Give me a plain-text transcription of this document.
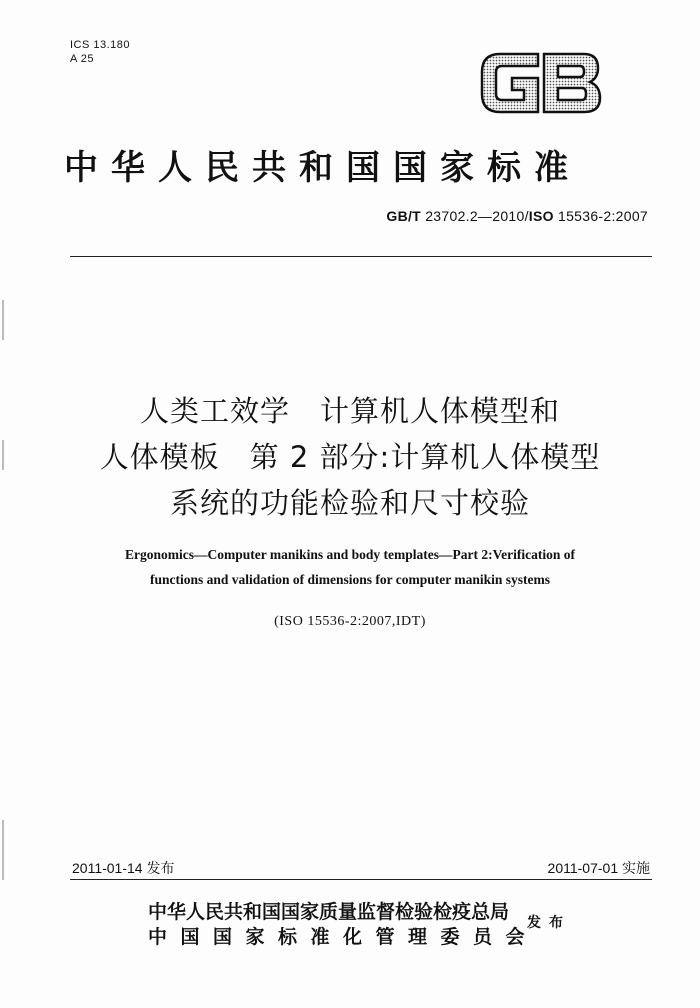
ICS 13.180
A 25
中华人民共和国国家标准
GB/T 23702.2—2010/ISO 15536-2:2007
人类工效学　计算机人体模型和
人体模板　第 2 部分:计算机人体模型
系统的功能检验和尺寸校验
Ergonomics—Computer manikins and body templates—Part 2:Verification of
functions and validation of dimensions for computer manikin systems
(ISO 15536-2:2007,IDT)
2011-01-14 发布	2011-07-01 实施
中华人民共和国国家质量监督检验检疫总局
中国国家标准化管理委员会
发布
